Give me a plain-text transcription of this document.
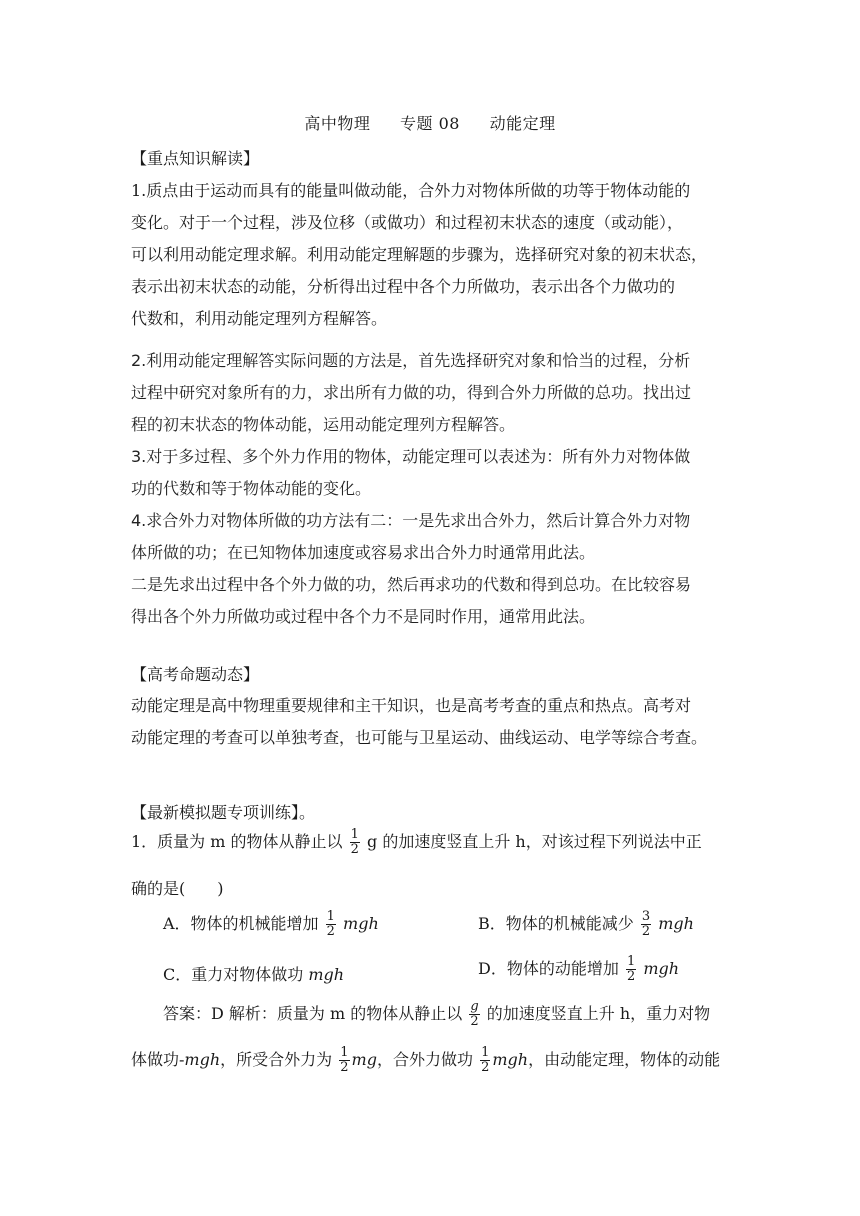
高中物理 专题 08 动能定理
【重点知识解读】
1.质点由于运动而具有的能量叫做动能，合外力对物体所做的功等于物体动能的
变化。对于一个过程，涉及位移（或做功）和过程初末状态的速度（或动能），
可以利用动能定理求解。利用动能定理解题的步骤为，选择研究对象的初末状态，
表示出初末状态的动能，分析得出过程中各个力所做功，表示出各个力做功的
代数和，利用动能定理列方程解答。
2.利用动能定理解答实际问题的方法是，首先选择研究对象和恰当的过程，分析
过程中研究对象所有的力，求出所有力做的功，得到合外力所做的总功。找出过
程的初末状态的物体动能，运用动能定理列方程解答。
3.对于多过程、多个外力作用的物体，动能定理可以表述为：所有外力对物体做
功的代数和等于物体动能的变化。
4.求合外力对物体所做的功方法有二：一是先求出合外力，然后计算合外力对物
体所做的功；在已知物体加速度或容易求出合外力时通常用此法。
二是先求出过程中各个外力做的功，然后再求功的代数和得到总功。在比较容易
得出各个外力所做功或过程中各个力不是同时作用，通常用此法。
【高考命题动态】
动能定理是高中物理重要规律和主干知识，也是高考考查的重点和热点。高考对
动能定理的考查可以单独考查，也可能与卫星运动、曲线运动、电学等综合考查。
【最新模拟题专项训练】。
1．质量为 m 的物体从静止以 $\frac{1}{2}$ g 的加速度竖直上升 h，对该过程下列说法中正
确的是(　　)
A．物体的机械能增加 $\frac{1}{2}$ mgh	B．物体的机械能减少 $\frac{3}{2}$ mgh
C．重力对物体做功 mgh	D．物体的动能增加 $\frac{1}{2}$ mgh
答案：D 解析：质量为 m 的物体从静止以 $\frac{g}{2}$ 的加速度竖直上升 h，重力对物
体做功-mgh，所受合外力为 $\frac{1}{2}$ mg，合外力做功 $\frac{1}{2}$ mgh，由动能定理，物体的动能
